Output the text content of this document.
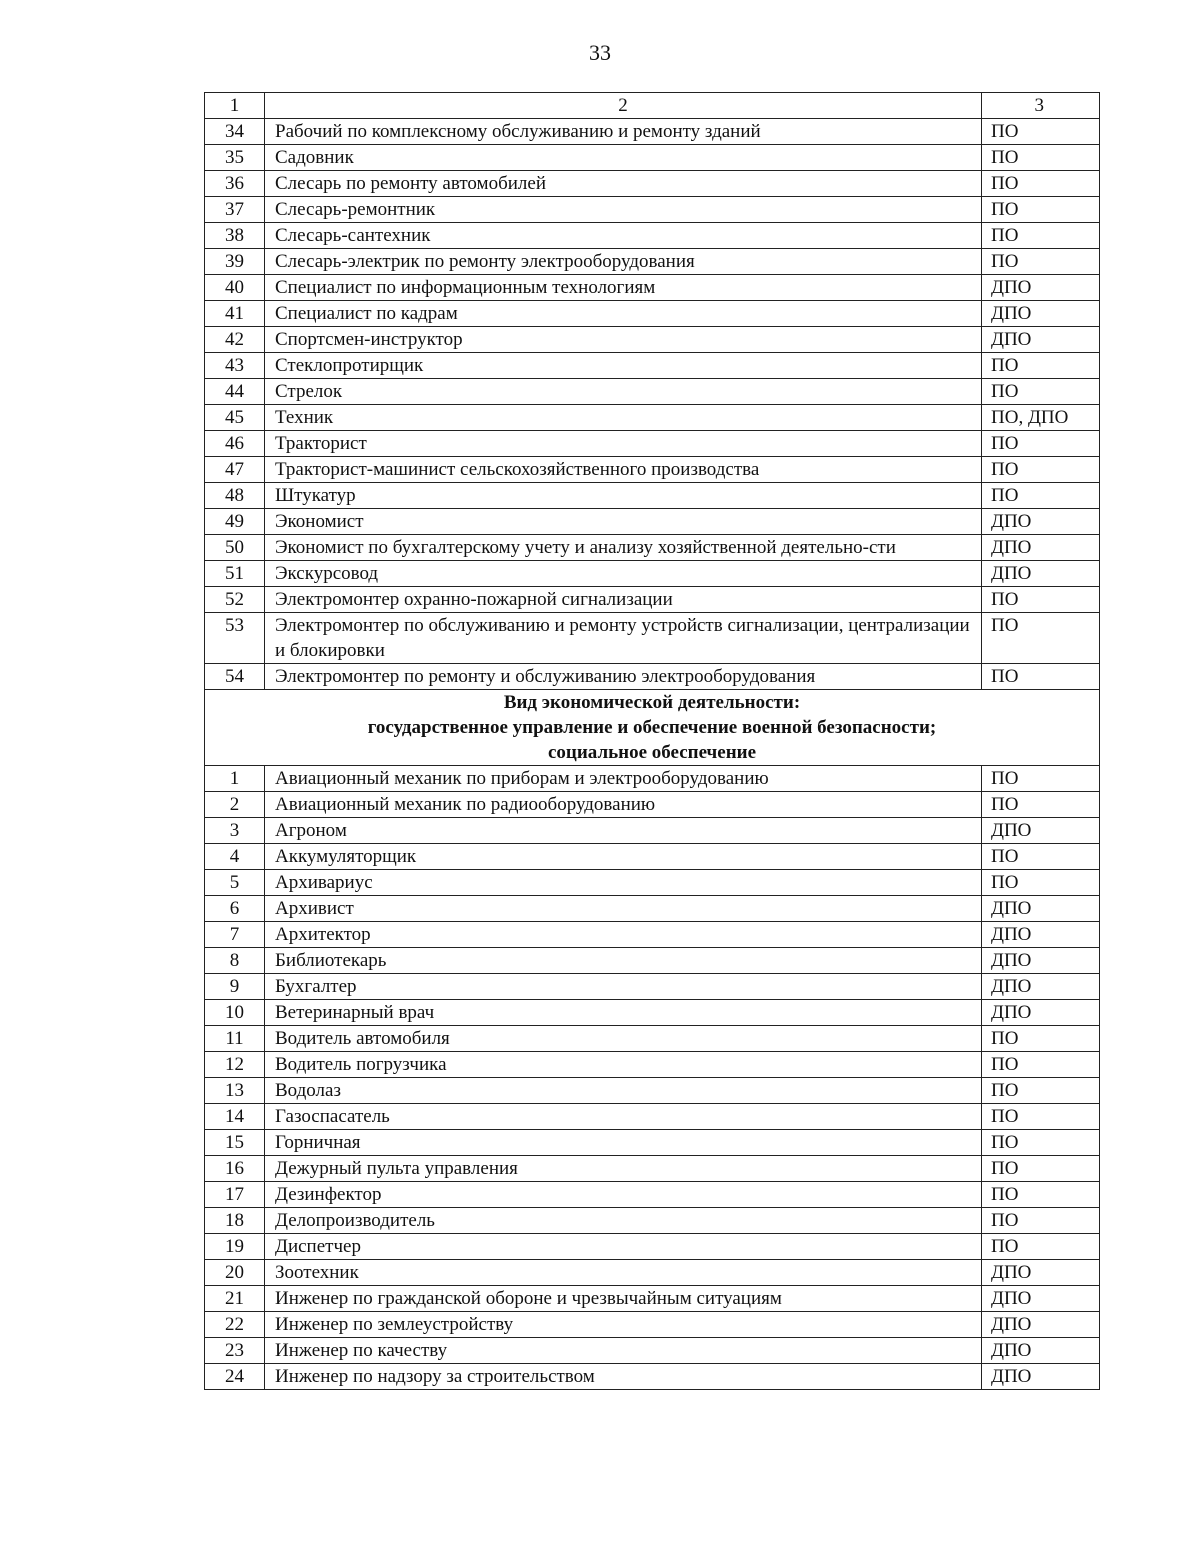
33
1	2	3
34	Рабочий по комплексному обслуживанию и ремонту зданий	ПО
35	Садовник	ПО
36	Слесарь по ремонту автомобилей	ПО
37	Слесарь-ремонтник	ПО
38	Слесарь-сантехник	ПО
39	Слесарь-электрик по ремонту электрооборудования	ПО
40	Специалист по информационным технологиям	ДПО
41	Специалист по кадрам	ДПО
42	Спортсмен-инструктор	ДПО
43	Стеклопротирщик	ПО
44	Стрелок	ПО
45	Техник	ПО, ДПО
46	Тракторист	ПО
47	Тракторист-машинист сельскохозяйственного производства	ПО
48	Штукатур	ПО
49	Экономист	ДПО
50	Экономист по бухгалтерскому учету и анализу хозяйственной деятельно-сти	ДПО
51	Экскурсовод	ДПО
52	Электромонтер охранно-пожарной сигнализации	ПО
53	Электромонтер по обслуживанию и ремонту устройств сигнализации, централизации и блокировки	ПО
54	Электромонтер по ремонту и обслуживанию электрооборудования	ПО

Вид экономической деятельности:
государственное управление и обеспечение военной безопасности;
социальное обеспечение		

1	Авиационный механик по приборам и электрооборудованию	ПО
2	Авиационный механик по радиооборудованию	ПО
3	Агроном	ДПО
4	Аккумуляторщик	ПО
5	Архивариус	ПО
6	Архивист	ДПО
7	Архитектор	ДПО
8	Библиотекарь	ДПО
9	Бухгалтер	ДПО
10	Ветеринарный врач	ДПО
11	Водитель автомобиля	ПО
12	Водитель погрузчика	ПО
13	Водолаз	ПО
14	Газоспасатель	ПО
15	Горничная	ПО
16	Дежурный пульта управления	ПО
17	Дезинфектор	ПО
18	Делопроизводитель	ПО
19	Диспетчер	ПО
20	Зоотехник	ДПО
21	Инженер по гражданской обороне и чрезвычайным ситуациям	ДПО
22	Инженер по землеустройству	ДПО
23	Инженер по качеству	ДПО
24	Инженер по надзору за строительством	ДПО
